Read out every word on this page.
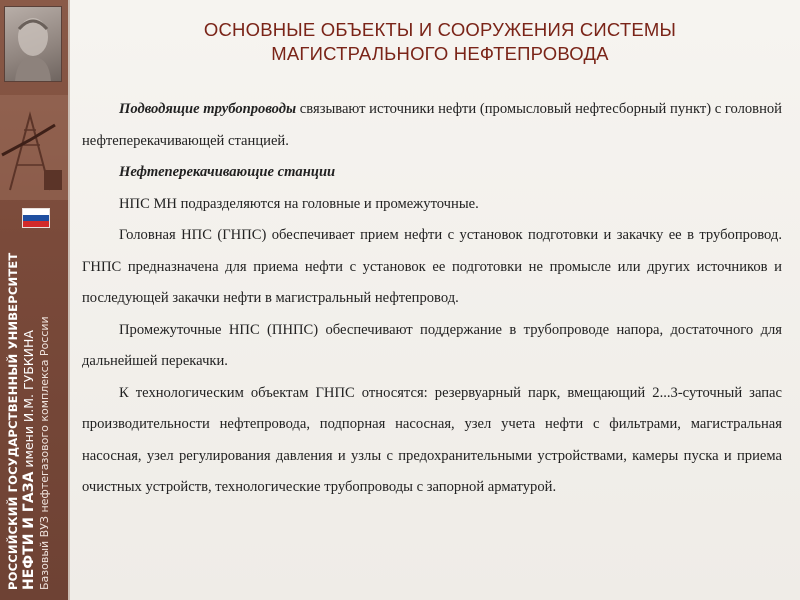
РОССИЙСКИЙ ГОСУДАРСТВЕННЫЙ УНИВЕРСИТЕТ НЕФТИ И ГАЗА имени И.М. ГУБКИНА Базовый ВУЗ нефтегазового комплекса России
ОСНОВНЫЕ ОБЪЕКТЫ И СООРУЖЕНИЯ СИСТЕМЫ
МАГИСТРАЛЬНОГО НЕФТЕПРОВОДА

Подводящие трубопроводы связывают источники нефти (промысловый нефтесборный пункт) с головной нефтеперекачивающей станцией.

Нефтеперекачивающие станции

НПС МН подразделяются на головные и промежуточные.

Головная НПС (ГНПС) обеспечивает прием нефти с установок подготовки и закачку ее в трубопровод. ГНПС предназначена для приема нефти с установок ее подготовки не промысле или других источников и последующей закачки нефти в магистральный нефтепровод.

Промежуточные НПС (ПНПС) обеспечивают поддержание в трубопроводе напора, достаточного для дальнейшей перекачки.

К технологическим объектам ГНПС относятся: резервуарный парк, вмещающий 2...3-суточный запас производительности нефтепровода, подпорная насосная, узел учета нефти с фильтрами, магистральная насосная, узел регулирования давления и узлы с предохранительными устройствами, камеры пуска и приема очистных устройств, технологические трубопроводы с запорной арматурой.
